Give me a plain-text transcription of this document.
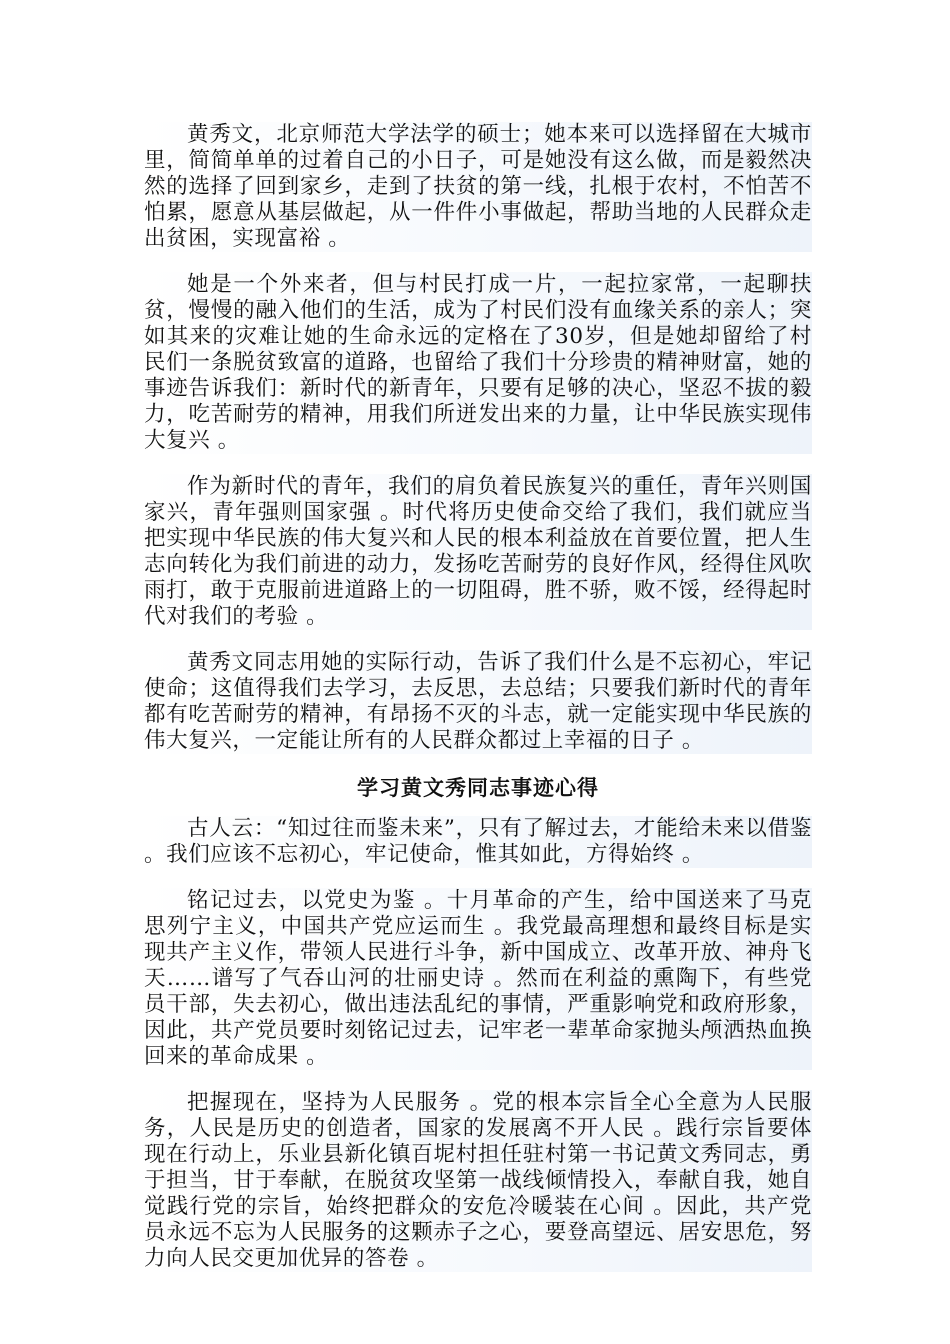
黄秀文，北京师范大学法学的硕士；她本来可以选择留在大城市里，简简单单的过着自己的小日子，可是她没有这么做，而是毅然决然的选择了回到家乡，走到了扶贫的第一线，扎根于农村，不怕苦不怕累，愿意从基层做起，从一件件小事做起，帮助当地的人民群众走出贫困，实现富裕 。

她是一个外来者，但与村民打成一片，一起拉家常，一起聊扶贫，慢慢的融入他们的生活，成为了村民们没有血缘关系的亲人；突如其来的灾难让她的生命永远的定格在了30岁，但是她却留给了村民们一条脱贫致富的道路，也留给了我们十分珍贵的精神财富，她的事迹告诉我们：新时代的新青年，只要有足够的决心，坚忍不拔的毅力，吃苦耐劳的精神，用我们所迸发出来的力量，让中华民族实现伟大复兴 。

作为新时代的青年，我们的肩负着民族复兴的重任，青年兴则国家兴，青年强则国家强 。时代将历史使命交给了我们，我们就应当把实现中华民族的伟大复兴和人民的根本利益放在首要位置，把人生志向转化为我们前进的动力，发扬吃苦耐劳的良好作风，经得住风吹雨打，敢于克服前进道路上的一切阻碍，胜不骄，败不馁，经得起时代对我们的考验 。

黄秀文同志用她的实际行动，告诉了我们什么是不忘初心，牢记使命；这值得我们去学习，去反思，去总结；只要我们新时代的青年都有吃苦耐劳的精神，有昂扬不灭的斗志，就一定能实现中华民族的伟大复兴，一定能让所有的人民群众都过上幸福的日子 。

学习黄文秀同志事迹心得

古人云：“知过往而鉴未来”，只有了解过去，才能给未来以借鉴 。我们应该不忘初心，牢记使命，惟其如此，方得始终 。

铭记过去，以党史为鉴 。十月革命的产生，给中国送来了马克思列宁主义，中国共产党应运而生 。我党最高理想和最终目标是实现共产主义作，带领人民进行斗争，新中国成立、改革开放、神舟飞天……谱写了气吞山河的壮丽史诗 。然而在利益的熏陶下，有些党员干部，失去初心，做出违法乱纪的事情，严重影响党和政府形象，因此，共产党员要时刻铭记过去，记牢老一辈革命家抛头颅洒热血换回来的革命成果 。

把握现在，坚持为人民服务 。党的根本宗旨全心全意为人民服务，人民是历史的创造者，国家的发展离不开人民 。践行宗旨要体现在行动上，乐业县新化镇百坭村担任驻村第一书记黄文秀同志，勇于担当，甘于奉献，在脱贫攻坚第一战线倾情投入，奉献自我，她自觉践行党的宗旨，始终把群众的安危冷暖装在心间 。因此，共产党员永远不忘为人民服务的这颗赤子之心，要登高望远、居安思危，努力向人民交更加优异的答卷 。
